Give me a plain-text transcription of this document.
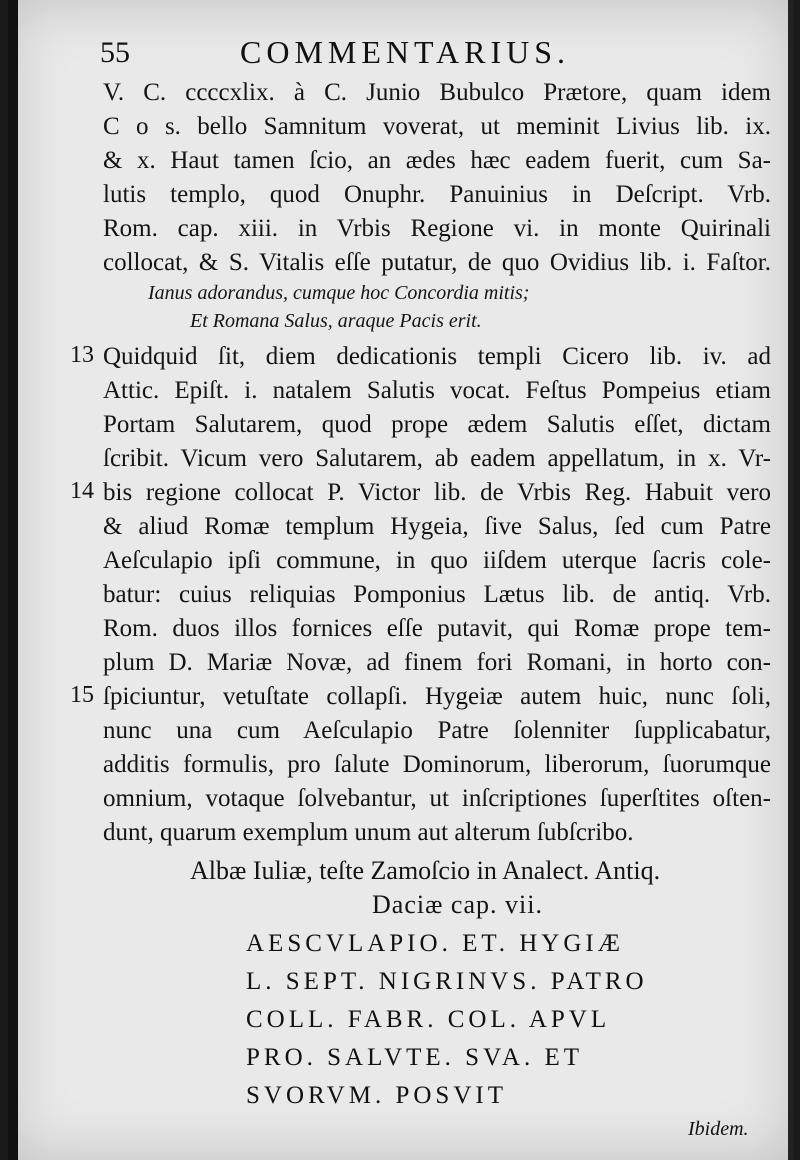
55	COMMENTARIUS.
V. C. ccccxlix. à C. Junio Bubulco Prætore, quam idem
C o s. bello Samnitum voverat, ut meminit Livius lib. ix.
& x. Haut tamen ſcio, an ædes hæc eadem fuerit, cum Sa-
lutis templo, quod Onuphr. Panuinius in Deſcript. Vrb.
Rom. cap. xiii. in Vrbis Regione vi. in monte Quirinali
collocat, & S. Vitalis eſſe putatur, de quo Ovidius lib. i. Faſtor.
Ianus adorandus, cumque hoc Concordia mitis;
Et Romana Salus, araque Pacis erit.
13 Quidquid ſit, diem dedicationis templi Cicero lib. iv. ad
Attic. Epiſt. i. natalem Salutis vocat. Feſtus Pompeius etiam
Portam Salutarem, quod prope ædem Salutis eſſet, dictam
ſcribit. Vicum vero Salutarem, ab eadem appellatum, in x. Vr-
14 bis regione collocat P. Victor lib. de Vrbis Reg. Habuit vero
& aliud Romæ templum Hygeia, ſive Salus, ſed cum Patre
Aeſculapio ipſi commune, in quo iiſdem uterque ſacris cole-
batur: cuius reliquias Pomponius Lætus lib. de antiq. Vrb.
Rom. duos illos fornices eſſe putavit, qui Romæ prope tem-
plum D. Mariæ Novæ, ad finem fori Romani, in horto con-
15 ſpiciuntur, vetuſtate collapſi. Hygeiæ autem huic, nunc ſoli,
nunc una cum Aeſculapio Patre ſolenniter ſupplicabatur,
additis formulis, pro ſalute Dominorum, liberorum, ſuorumque
omnium, votaque ſolvebantur, ut inſcriptiones ſuperſtites oſten-
dunt, quarum exemplum unum aut alterum ſubſcribo.
Albæ Iuliæ, teſte Zamoſcio in Analect. Antiq.
Daciæ cap. vii.
AESCVLAPIO. ET. HYGIÆ
L. SEPT. NIGRINVS. PATRO
COLL. FABR. COL. APVL
PRO. SALVTE. SVA. ET
SVORVM. POSVIT
Ibidem.
